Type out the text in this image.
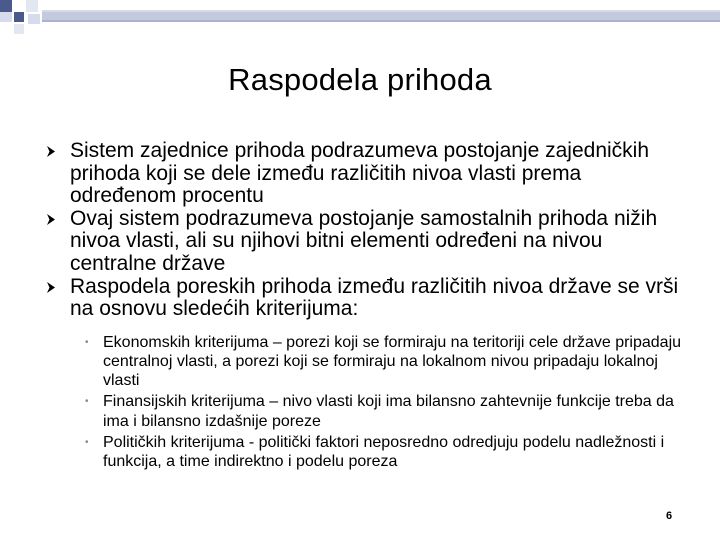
Raspodela prihoda
Sistem zajednice prihoda podrazumeva postojanje zajedničkih prihoda koji se dele između različitih nivoa vlasti prema određenom procentu
Ovaj sistem podrazumeva postojanje samostalnih prihoda nižih nivoa vlasti, ali su njihovi bitni elementi određeni na nivou centralne države
Raspodela poreskih prihoda između različitih nivoa države se vrši na osnovu sledećih kriterijuma:
• Ekonomskih kriterijuma – porezi koji se formiraju na teritoriji cele države pripadaju centralnoj vlasti, a porezi koji se formiraju na lokalnom nivou pripadaju lokalnoj vlasti
• Finansijskih kriterijuma – nivo vlasti koji ima bilansno zahtevnije funkcije treba da ima i bilansno izdašnije poreze
• Političkih kriterijuma - politički faktori neposredno odredjuju podelu nadležnosti i funkcija, a time indirektno i podelu poreza
6
